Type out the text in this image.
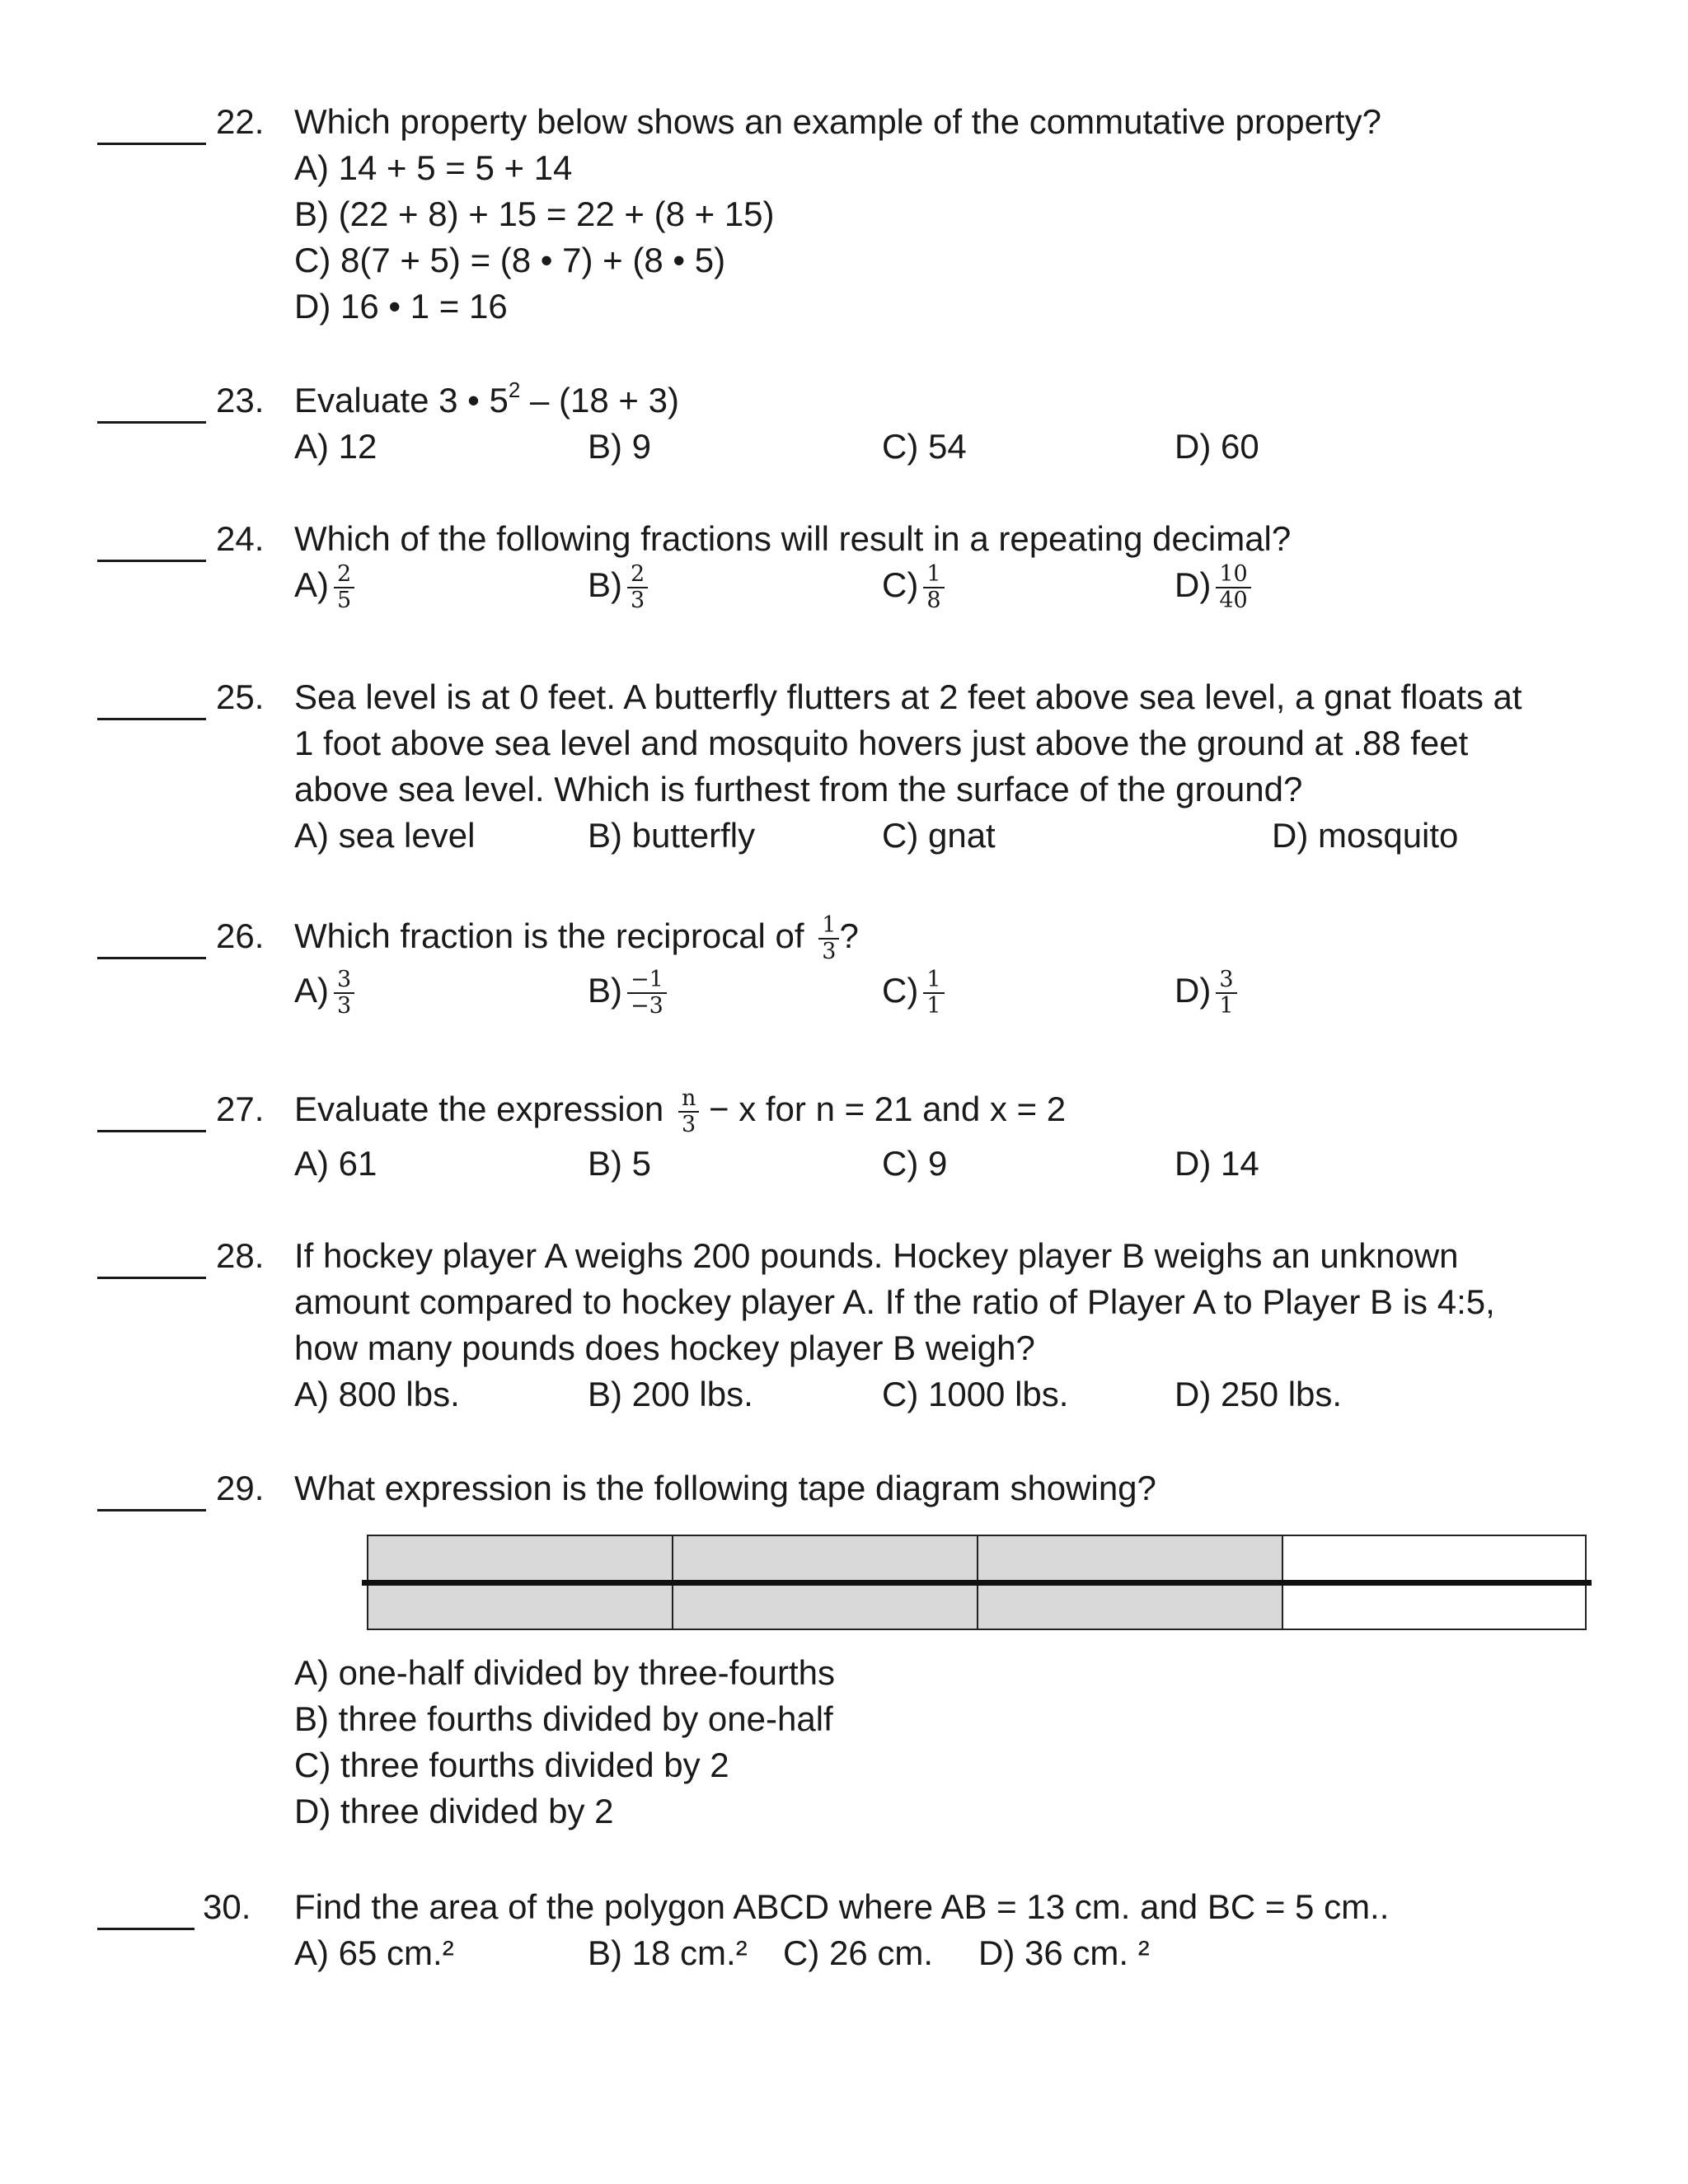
22. Which property below shows an example of the commutative property?
A) 14 + 5 = 5 + 14
B) (22 + 8) + 15 = 22 + (8 + 15)
C) 8(7 + 5) = (8 • 7) + (8 • 5)
D) 16 • 1 = 16
23. Evaluate 3 • $5^2 - (18 + 3)$
A) 12	B) 9	C) 54	D) 60
24. Which of the following fractions will result in a repeating decimal?
$A) \frac{2}{5}$	$B) \frac{2}{3}$	$C) \frac{1}{8}$	$D) \frac{10}{40}$
25. Sea level is at 0 feet. A butterfly flutters at 2 feet above sea level, a gnat floats at
1 foot above sea level and mosquito hovers just above the ground at .88 feet
above sea level. Which is furthest from the surface of the ground?
A) sea level	B) butterfly	C) gnat	D) mosquito
26. Which fraction is the reciprocal of $\frac{1}{3}$ ?
$A) \frac{3}{3}$	$B) \frac{-1}{-3}$	$C) \frac{1}{1}$	$D) \frac{3}{1}$
27. Evaluate the expression $\frac{n}{3} - x$ for n = 21 and x = 2
A) 61	B) 5	C) 9	D) 14
28. If hockey player A weighs 200 pounds. Hockey player B weighs an unknown
amount compared to hockey player A. If the ratio of Player A to Player B is 4:5,
how many pounds does hockey player B weigh?
A) 800 lbs.	B) 200 lbs.	C) 1000 lbs.	D) 250 lbs.
29. What expression is the following tape diagram showing?
A) one-half divided by three-fourths
B) three fourths divided by one-half
C) three fourths divided by 2
D) three divided by 2
30. Find the area of the polygon ABCD where AB = 13 cm. and BC = 5 cm..
A) 65 cm.²	B) 18 cm.² C) 26 cm. D) 36 cm. ²
